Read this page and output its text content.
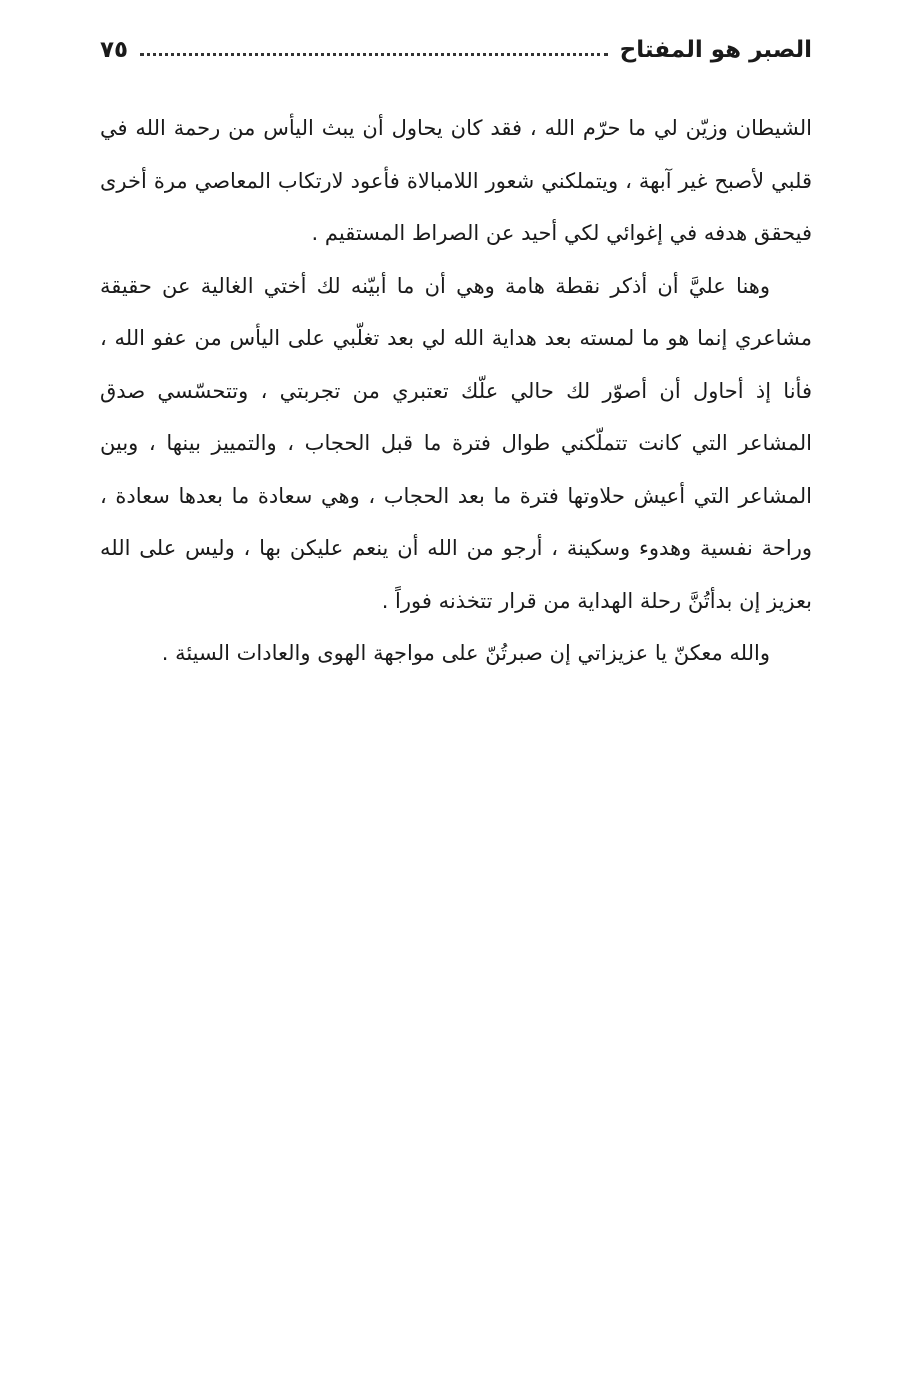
الصبر هو المفتاح
٧٥

الشيطان وزيّن لي ما حرّم الله ، فقد كان يحاول أن يبث اليأس من رحمة الله في قلبي لأصبح غير آبهة ، ويتملكني شعور اللامبالاة فأعود لارتكاب المعاصي مرة أخرى فيحقق هدفه في إغوائي لكي أحيد عن الصراط المستقيم .

وهنا عليَّ أن أذكر نقطة هامة وهي أن ما أبيّنه لك أختي الغالية عن حقيقة مشاعري إنما هو ما لمسته بعد هداية الله لي بعد تغلّبي على اليأس من عفو الله ، فأنا إذ أحاول أن أصوّر لك حالي علّك تعتبري من تجربتي ، وتتحسّسي صدق المشاعر التي كانت تتملّكني طوال فترة ما قبل الحجاب ، والتمييز بينها ، وبين المشاعر التي أعيش حلاوتها فترة ما بعد الحجاب ، وهي سعادة ما بعدها سعادة ، وراحة نفسية وهدوء وسكينة ، أرجو من الله أن ينعم عليكن بها ، وليس على الله بعزيز إن بدأتُنَّ رحلة الهداية من قرار تتخذنه فوراً .

والله معكنّ يا عزيزاتي إن صبرتُنّ على مواجهة الهوى والعادات السيئة .
